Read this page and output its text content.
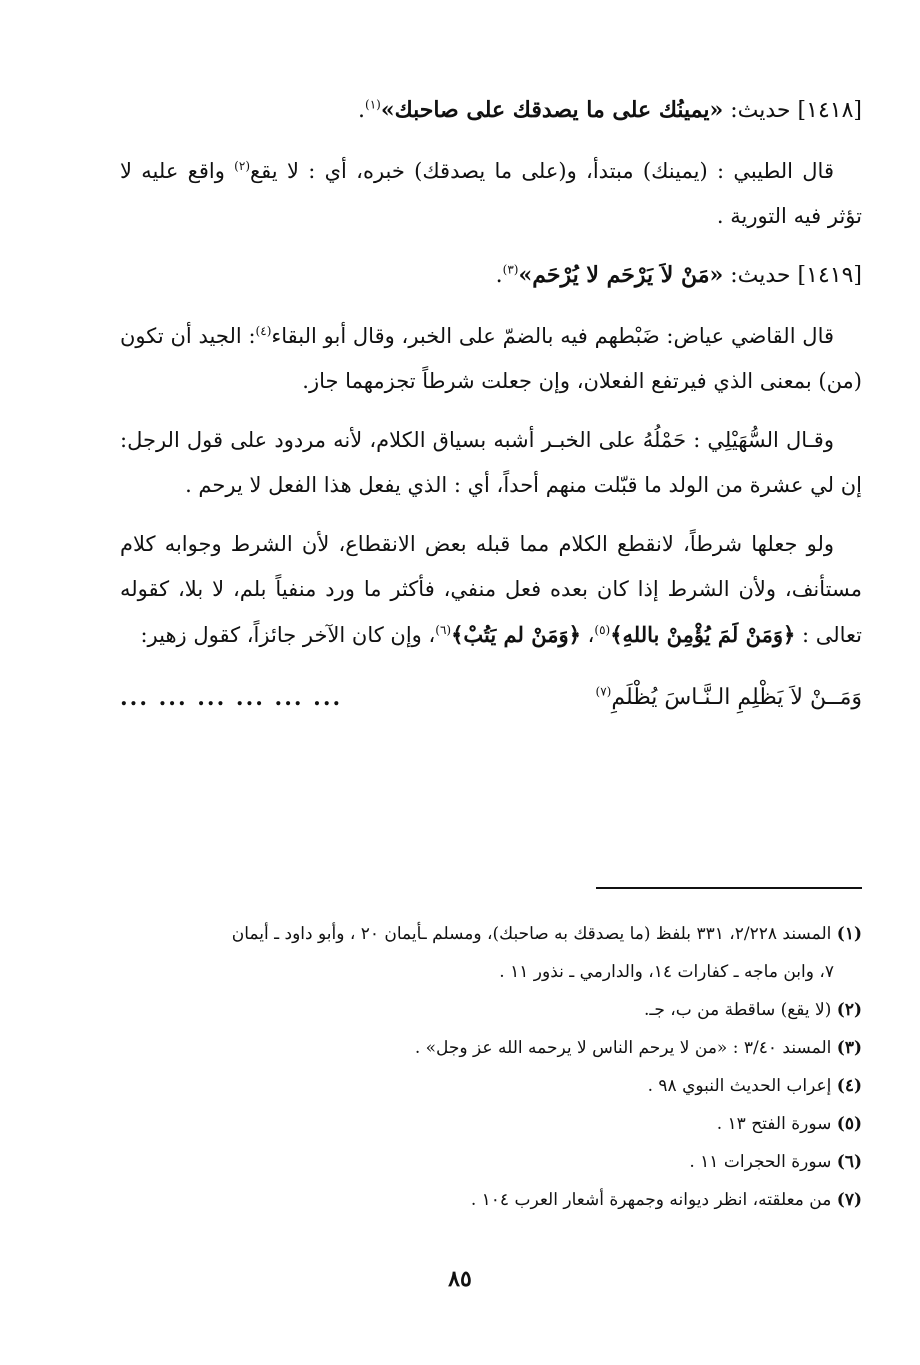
[١٤١٨] حديث: «يمينُك على ما يصدقك على صاحبك»$^{(١)}$.

قال الطيبي : (يمينك) مبتدأ، و(على ما يصدقك) خبره، أي : لا يقع$^{(٢)}$ واقع عليه لا تؤثر فيه التورية .

[١٤١٩] حديث: «مَنْ لاَ يَرْحَم لا يُرْحَم»$^{(٣)}$.

قال القاضي عياض: ضَبْطهم فيه بالضمّ على الخبر، وقال أبو البقاء$^{(٤)}$: الجيد أن تكون (من) بمعنى الذي فيرتفع الفعلان، وإن جعلت شرطاً تجزمهما جاز.

وقـال السُّهَيْلِي : حَمْلُهُ على الخبـر أشبه بسياق الكلام، لأنه مردود على قول الرجل: إن لي عشرة من الولد ما قبّلت منهم أحداً، أي : الذي يفعل هذا الفعل لا يرحم .

ولو جعلها شرطاً، لانقطع الكلام مما قبله بعض الانقطاع، لأن الشرط وجوابه كلام مستأنف، ولأن الشرط إذا كان بعده فعل منفي، فأكثر ما ورد منفياً بلم، لا بلا، كقوله تعالى : ﴿وَمَنْ لَمَ يُؤْمِنْ باللهِ﴾$^{(٥)}$، ﴿وَمَنْ لم يَتُبْ﴾$^{(٦)}$، وإن كان الآخر جائزاً، كقول زهير:

وَمَــنْ لاَ يَظْلِمِ الـنَّـاسَ يُظْلَمِ$^{(٧)}$
... ... ... ... ... ...

(١) المسند ٢/٢٢٨، ٣٣١ بلفظ (ما يصدقك به صاحبك)، ومسلم ـأيمان ٢٠ ، وأبو داود ـ أيمان

٧، وابن ماجه ـ كفارات ١٤، والدارمي ـ نذور ١١ .

(٢) (لا يقع) ساقطة من ب، جـ.

(٣) المسند ٣/٤٠ : «من لا يرحم الناس لا يرحمه الله عز وجل» .

(٤) إعراب الحديث النبوي ٩٨ .

(٥) سورة الفتح ١٣ .

(٦) سورة الحجرات ١١ .

(٧) من معلقته، انظر ديوانه وجمهرة أشعار العرب ١٠٤ .

٨٥
